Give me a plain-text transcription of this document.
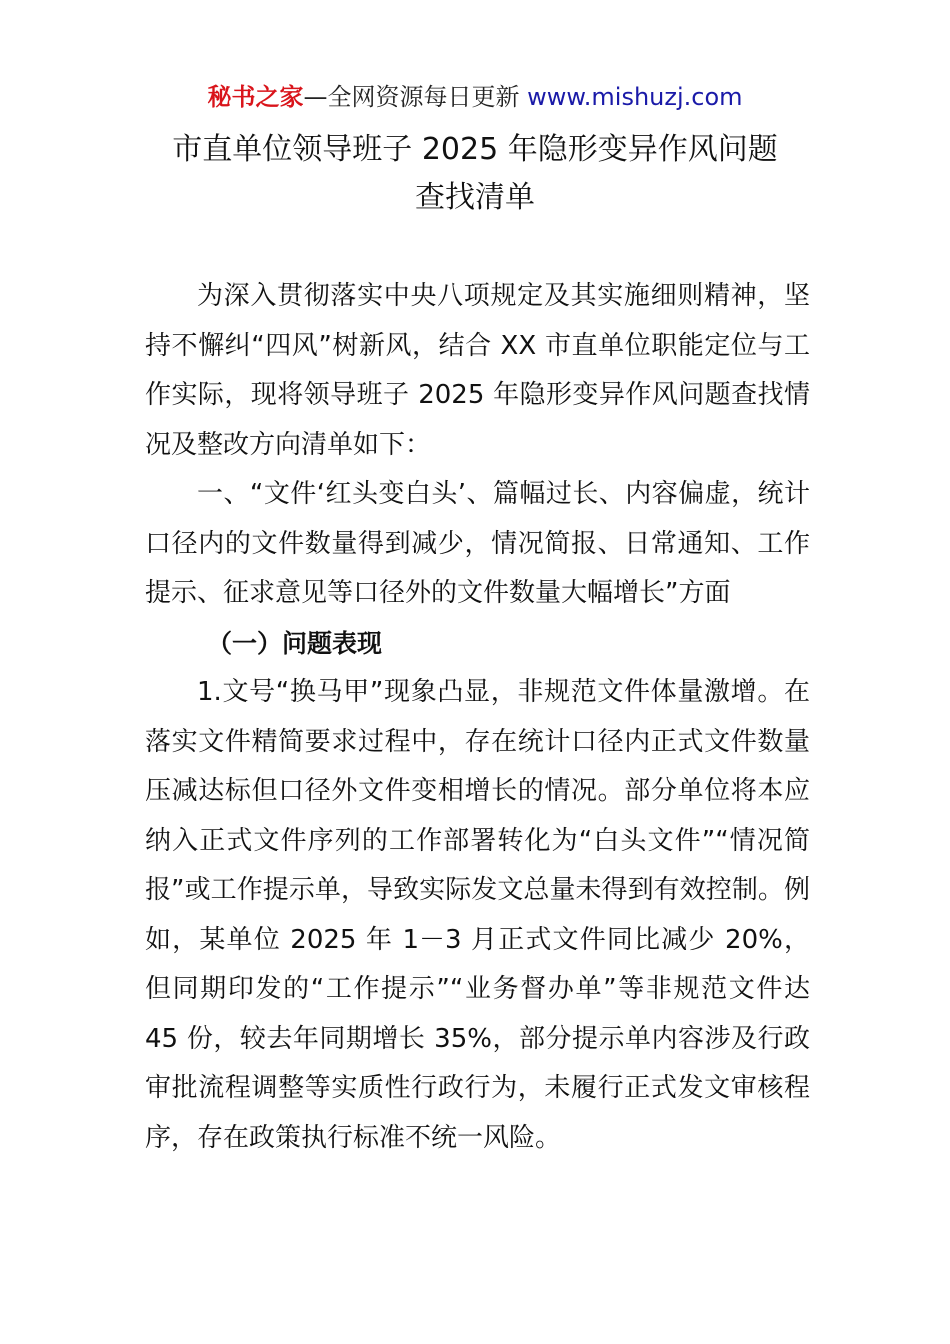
秘书之家—全网资源每日更新 www.mishuzj.com
市直单位领导班子 2025 年隐形变异作风问题
查找清单

为深入贯彻落实中央八项规定及其实施细则精神，坚持不懈纠“四风”树新风，结合 XX 市直单位职能定位与工作实际，现将领导班子 2025 年隐形变异作风问题查找情况及整改方向清单如下：

一、“文件‘红头变白头’、篇幅过长、内容偏虚，统计口径内的文件数量得到减少，情况简报、日常通知、工作提示、征求意见等口径外的文件数量大幅增长”方面

（一）问题表现

1.文号“换马甲”现象凸显，非规范文件体量激增。在落实文件精简要求过程中，存在统计口径内正式文件数量压减达标但口径外文件变相增长的情况。部分单位将本应纳入正式文件序列的工作部署转化为“白头文件”“情况简报”或工作提示单，导致实际发文总量未得到有效控制。例如，某单位 2025 年 1－3 月正式文件同比减少 20%，但同期印发的“工作提示”“业务督办单”等非规范文件达 45 份，较去年同期增长 35%，部分提示单内容涉及行政审批流程调整等实质性行政行为，未履行正式发文审核程序，存在政策执行标准不统一风险。
